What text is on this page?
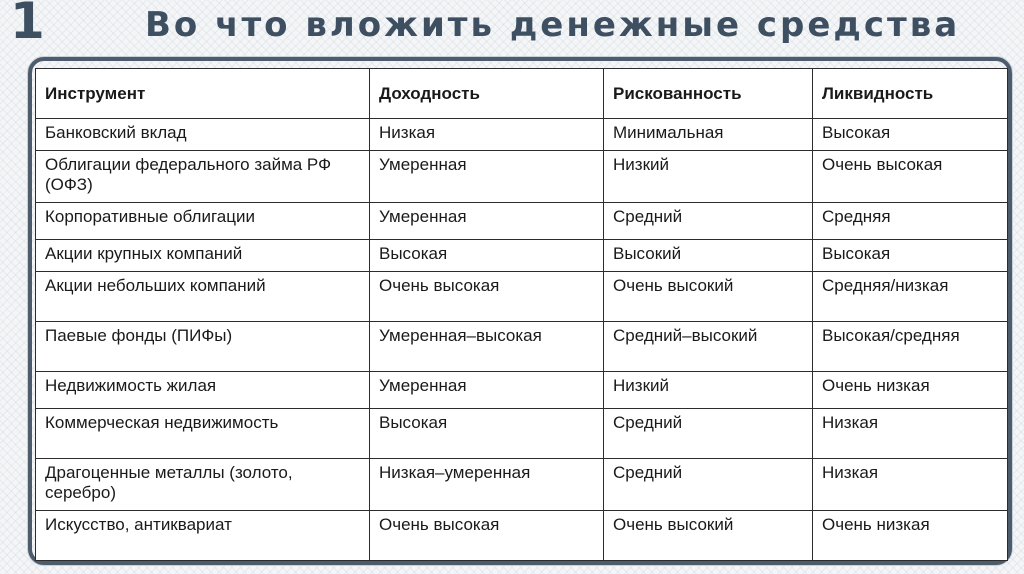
1	Во что вложить денежные средства
Инструмент	Доходность	Рискованность	Ликвидность
Банковский вклад	Низкая	Минимальная	Высокая
Облигации федерального займа РФ (ОФЗ)	Умеренная	Низкий	Очень высокая
Корпоративные облигации	Умеренная	Средний	Средняя
Акции крупных компаний	Высокая	Высокий	Высокая
Акции небольших компаний	Очень высокая	Очень высокий	Средняя/низкая
Паевые фонды (ПИФы)	Умеренная–высокая	Средний–высокий	Высокая/средняя
Недвижимость жилая	Умеренная	Низкий	Очень низкая
Коммерческая недвижимость	Высокая	Средний	Низкая
Драгоценные металлы (золото, серебро)	Низкая–умеренная	Средний	Низкая
Искусство, антиквариат	Очень высокая	Очень высокий	Очень низкая
